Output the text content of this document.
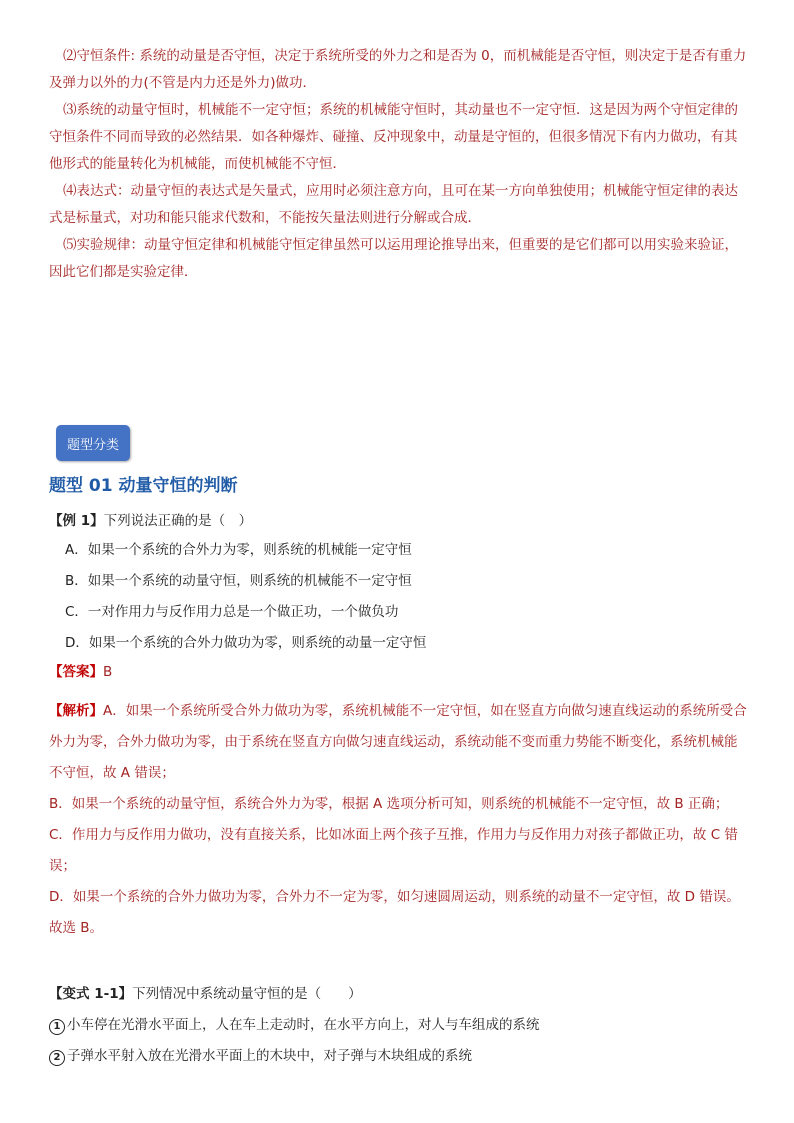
⑵守恒条件: 系统的动量是否守恒，决定于系统所受的外力之和是否为 0，而机械能是否守恒，则决定于是否有重力及弹力以外的力(不管是内力还是外力)做功．

⑶系统的动量守恒时，机械能不一定守恒；系统的机械能守恒时，其动量也不一定守恒．这是因为两个守恒定律的守恒条件不同而导致的必然结果．如各种爆炸、碰撞、反冲现象中，动量是守恒的，但很多情况下有内力做功，有其他形式的能量转化为机械能，而使机械能不守恒．

⑷表达式：动量守恒的表达式是矢量式，应用时必须注意方向，且可在某一方向单独使用；机械能守恒定律的表达式是标量式，对功和能只能求代数和，不能按矢量法则进行分解或合成．

⑸实验规律：动量守恒定律和机械能守恒定律虽然可以运用理论推导出来，但重要的是它们都可以用实验来验证，因此它们都是实验定律．

题型分类
题型 01 动量守恒的判断

【例 1】下列说法正确的是（　）

A．如果一个系统的合外力为零，则系统的机械能一定守恒

B．如果一个系统的动量守恒，则系统的机械能不一定守恒

C．一对作用力与反作用力总是一个做正功，一个做负功

D．如果一个系统的合外力做功为零，则系统的动量一定守恒

【答案】B

【解析】A．如果一个系统所受合外力做功为零，系统机械能不一定守恒，如在竖直方向做匀速直线运动的系统所受合外力为零，合外力做功为零，由于系统在竖直方向做匀速直线运动，系统动能不变而重力势能不断变化，系统机械能不守恒，故 A 错误；

B．如果一个系统的动量守恒，系统合外力为零，根据 A 选项分析可知，则系统的机械能不一定守恒，故 B 正确；

C．作用力与反作用力做功，没有直接关系，比如冰面上两个孩子互推，作用力与反作用力对孩子都做正功，故 C 错误；

D．如果一个系统的合外力做功为零，合外力不一定为零，如匀速圆周运动，则系统的动量不一定守恒，故 D 错误。

故选 B。

【变式 1-1】下列情况中系统动量守恒的是（　　）

1 小车停在光滑水平面上，人在车上走动时，在水平方向上，对人与车组成的系统

2 子弹水平射入放在光滑水平面上的木块中，对子弹与木块组成的系统
